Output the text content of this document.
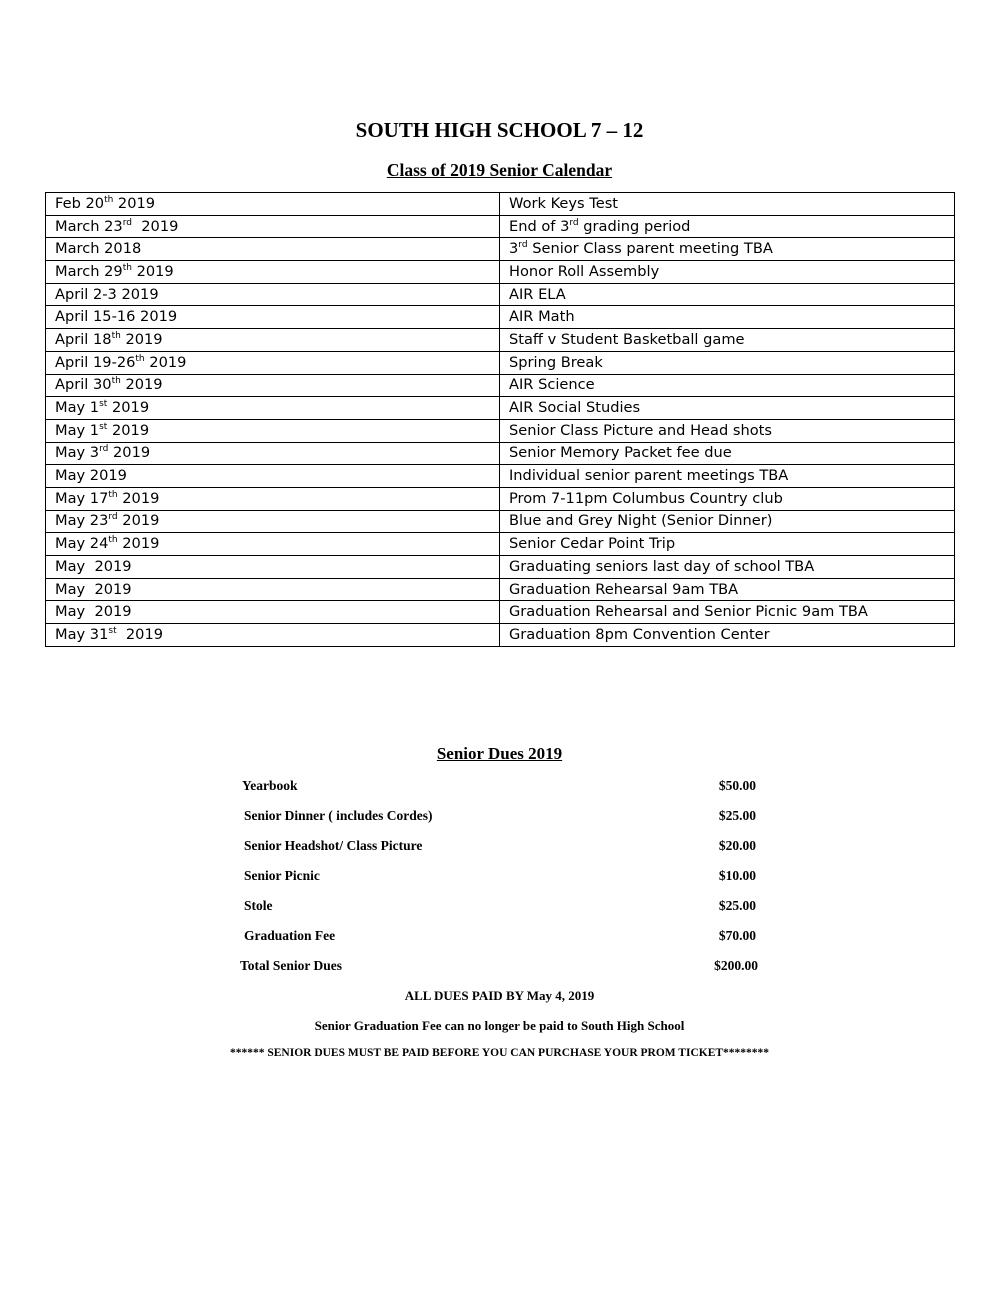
SOUTH HIGH SCHOOL 7 – 12
Class of 2019 Senior Calendar
Feb 20th 2019	Work Keys Test
March 23rd  2019	End of 3rd grading period
March 2018	3rd Senior Class parent meeting TBA
March 29th 2019	Honor Roll Assembly
April 2-3 2019	AIR ELA
April 15-16 2019	AIR Math
April 18th 2019	Staff v Student Basketball game
April 19-26th 2019	Spring Break
April 30th 2019	AIR Science
May 1st 2019	AIR Social Studies
May 1st 2019	Senior Class Picture and Head shots
May 3rd 2019	Senior Memory Packet fee due
May 2019	Individual senior parent meetings TBA
May 17th 2019	Prom 7-11pm Columbus Country club
May 23rd 2019	Blue and Grey Night (Senior Dinner)
May 24th 2019	Senior Cedar Point Trip
May  2019	Graduating seniors last day of school TBA
May  2019	Graduation Rehearsal 9am TBA
May  2019	Graduation Rehearsal and Senior Picnic 9am TBA
May 31st  2019	Graduation 8pm Convention Center
Senior Dues 2019
Yearbook	$50.00
Senior Dinner ( includes Cordes)	$25.00
Senior Headshot/ Class Picture	$20.00
Senior Picnic	$10.00
Stole	$25.00
Graduation Fee	$70.00
Total Senior Dues	$200.00
ALL DUES PAID BY May 4, 2019
Senior Graduation Fee can no longer be paid to South High School
****** SENIOR DUES MUST BE PAID BEFORE YOU CAN PURCHASE YOUR PROM TICKET********
